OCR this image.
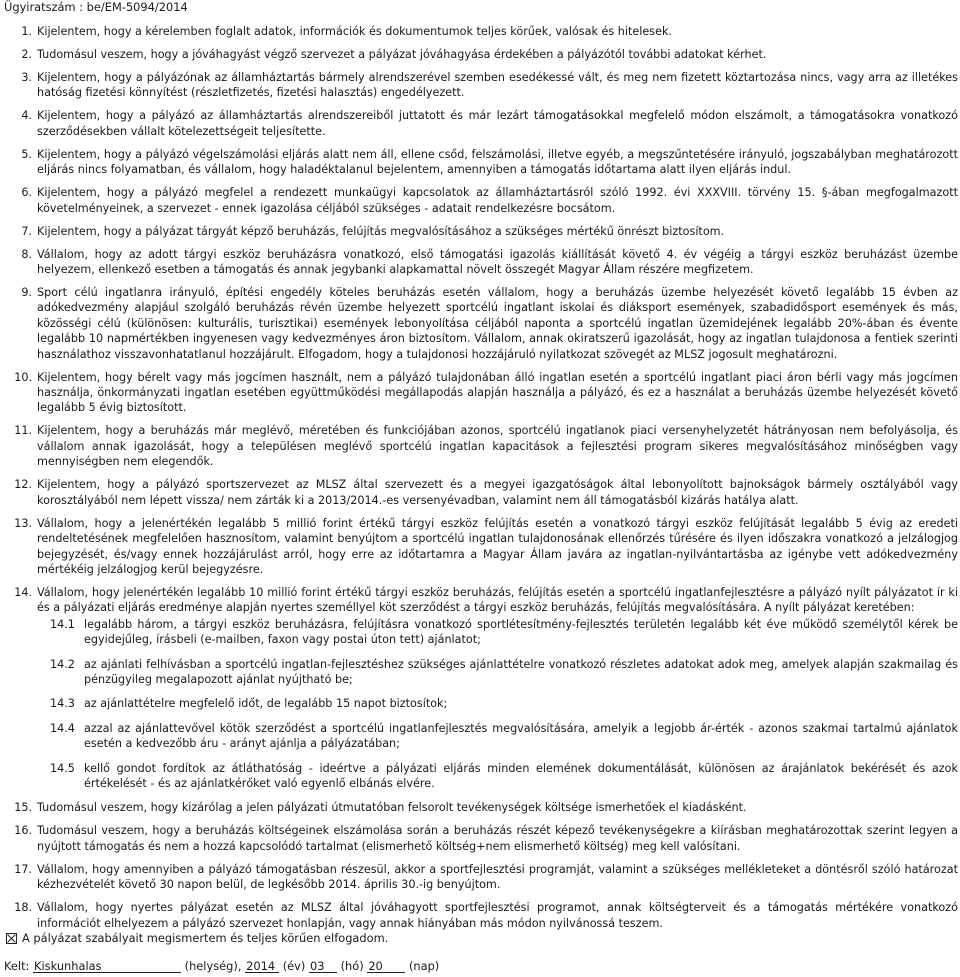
Ügyiratszám : be/EM-5094/2014
1. Kijelentem, hogy a kérelemben foglalt adatok, információk és dokumentumok teljes körűek, valósak és hitelesek.
2. Tudomásul veszem, hogy a jóváhagyást végző szervezet a pályázat jóváhagyása érdekében a pályázótól további adatokat kérhet.
3. Kijelentem, hogy a pályázónak az államháztartás bármely alrendszerével szemben esedékessé vált, és meg nem fizetett köztartozása nincs, vagy arra az illetékes hatóság fizetési könnyítést (részletfizetés, fizetési halasztás) engedélyezett.
4. Kijelentem, hogy a pályázó az államháztartás alrendszereiből juttatott és már lezárt támogatásokkal megfelelő módon elszámolt, a támogatásokra vonatkozó szerződésekben vállalt kötelezettségeit teljesítette.
5. Kijelentem, hogy a pályázó végelszámolási eljárás alatt nem áll, ellene csőd, felszámolási, illetve egyéb, a megszűntetésére irányuló, jogszabályban meghatározott eljárás nincs folyamatban, és vállalom, hogy haladéktalanul bejelentem, amennyiben a támogatás időtartama alatt ilyen eljárás indul.
6. Kijelentem, hogy a pályázó megfelel a rendezett munkaügyi kapcsolatok az államháztartásról szóló 1992. évi XXXVIII. törvény 15. §-ában megfogalmazott követelményeinek, a szervezet - ennek igazolása céljából szükséges - adatait rendelkezésre bocsátom.
7. Kijelentem, hogy a pályázat tárgyát képző beruházás, felújítás megvalósításához a szükséges mértékű önrészt biztosítom.
8. Vállalom, hogy az adott tárgyi eszköz beruházásra vonatkozó, első támogatási igazolás kiállítását követő 4. év végéig a tárgyi eszköz beruházást üzembe helyezem, ellenkező esetben a támogatás és annak jegybanki alapkamattal növelt összegét Magyar Állam részére megfizetem.
9. Sport célú ingatlanra irányuló, építési engedély köteles beruházás esetén vállalom, hogy a beruházás üzembe helyezését követő legalább 15 évben az adókedvezmény alapjául szolgáló beruházás révén üzembe helyezett sportcélú ingatlant iskolai és diáksport események, szabadidősport események és más, közösségi célú (különösen: kulturális, turisztikai) események lebonyolítása céljából naponta a sportcélú ingatlan üzemidejének legalább 20%-ában és évente legalább 10 napmértékben ingyenesen vagy kedvezményes áron biztosítom. Vállalom, annak okiratszerű igazolását, hogy az ingatlan tulajdonosa a fentiek szerinti használathoz visszavonhatatlanul hozzájárult. Elfogadom, hogy a tulajdonosi hozzájáruló nyilatkozat szövegét az MLSZ jogosult meghatározni.
10. Kijelentem, hogy bérelt vagy más jogcímen használt, nem a pályázó tulajdonában álló ingatlan esetén a sportcélú ingatlant piaci áron bérli vagy más jogcímen használja, önkormányzati ingatlan esetében együttműködési megállapodás alapján használja a pályázó, és ez a használat a beruházás üzembe helyezését követő legalább 5 évig biztosított.
11. Kijelentem, hogy a beruházás már meglévő, méretében és funkciójában azonos, sportcélú ingatlanok piaci versenyhelyzetét hátrányosan nem befolyásolja, és vállalom annak igazolását, hogy a településen meglévő sportcélú ingatlan kapacitások a fejlesztési program sikeres megvalósításához minőségben vagy mennyiségben nem elegendők.
12. Kijelentem, hogy a pályázó sportszervezet az MLSZ által szervezett és a megyei igazgatóságok által lebonyolított bajnokságok bármely osztályából vagy korosztályából nem lépett vissza/ nem zárták ki a 2013/2014.-es versenyévadban, valamint nem áll támogatásból kizárás hatálya alatt.
13. Vállalom, hogy a jelenértékén legalább 5 millió forint értékű tárgyi eszköz felújítás esetén a vonatkozó tárgyi eszköz felújítását legalább 5 évig az eredeti rendeltetésének megfelelően hasznosítom, valamint benyújtom a sportcélú ingatlan tulajdonosának ellenőrzés tűrésére és ilyen időszakra vonatkozó a jelzálogjog bejegyzését, és/vagy ennek hozzájárulást arról, hogy erre az időtartamra a Magyar Állam javára az ingatlan-nyilvántartásba az igénybe vett adókedvezmény mértékéig jelzálogjog kerül bejegyzésre.
14. Vállalom, hogy jelenértékén legalább 10 millió forint értékű tárgyi eszköz beruházás, felújítás esetén a sportcélú ingatlanfejlesztésre a pályázó nyílt pályázatot ír ki és a pályázati eljárás eredménye alapján nyertes személlyel köt szerződést a tárgyi eszköz beruházás, felújítás megvalósítására. A nyílt pályázat keretében:
14.1 legalább három, a tárgyi eszköz beruházásra, felújításra vonatkozó sportlétesítmény-fejlesztés területén legalább két éve működő személytől kérek be egyidejűleg, írásbeli (e-mailben, faxon vagy postai úton tett) ajánlatot;
14.2 az ajánlati felhívásban a sportcélú ingatlan-fejlesztéshez szükséges ajánlattételre vonatkozó részletes adatokat adok meg, amelyek alapján szakmailag és pénzügyileg megalapozott ajánlat nyújtható be;
14.3 az ajánlattételre megfelelő időt, de legalább 15 napot biztosítok;
14.4 azzal az ajánlattevővel kötök szerződést a sportcélú ingatlanfejlesztés megvalósítására, amelyik a legjobb ár-érték - azonos szakmai tartalmú ajánlatok esetén a kedvezőbb áru - arányt ajánlja a pályázatában;
14.5 kellő gondot fordítok az átláthatóság - ideértve a pályázati eljárás minden elemének dokumentálását, különösen az árajánlatok bekérését és azok értékelését - és az ajánlatkérőket való egyenlő elbánás elvére.
15. Tudomásul veszem, hogy kizárólag a jelen pályázati útmutatóban felsorolt tevékenységek költsége ismerhetőek el kiadásként.
16. Tudomásul veszem, hogy a beruházás költségeinek elszámolása során a beruházás részét képező tevékenységekre a kiírásban meghatározottak szerint legyen a nyújtott támogatás és nem a hozzá kapcsolódó tartalmat (elismerhető költség+nem elismerhető költség) meg kell valósítani.
17. Vállalom, hogy amennyiben a pályázó támogatásban részesül, akkor a sportfejlesztési programját, valamint a szükséges mellékleteket a döntésről szóló határozat kézhezvételét követő 30 napon belül, de legkésőbb 2014. április 30.-ig benyújtom.
18. Vállalom, hogy nyertes pályázat esetén az MLSZ által jóváhagyott sportfejlesztési programot, annak költségterveit és a támogatás mértékére vonatkozó információt elhelyezem a pályázó szervezet honlapján, vagy annak hiányában más módon nyilvánossá teszem.
A pályázat szabályait megismertem és teljes körűen elfogadom.
Kelt: Kiskunhalas	(helység), 2014 (év) 03 (hó) 20 (nap)
